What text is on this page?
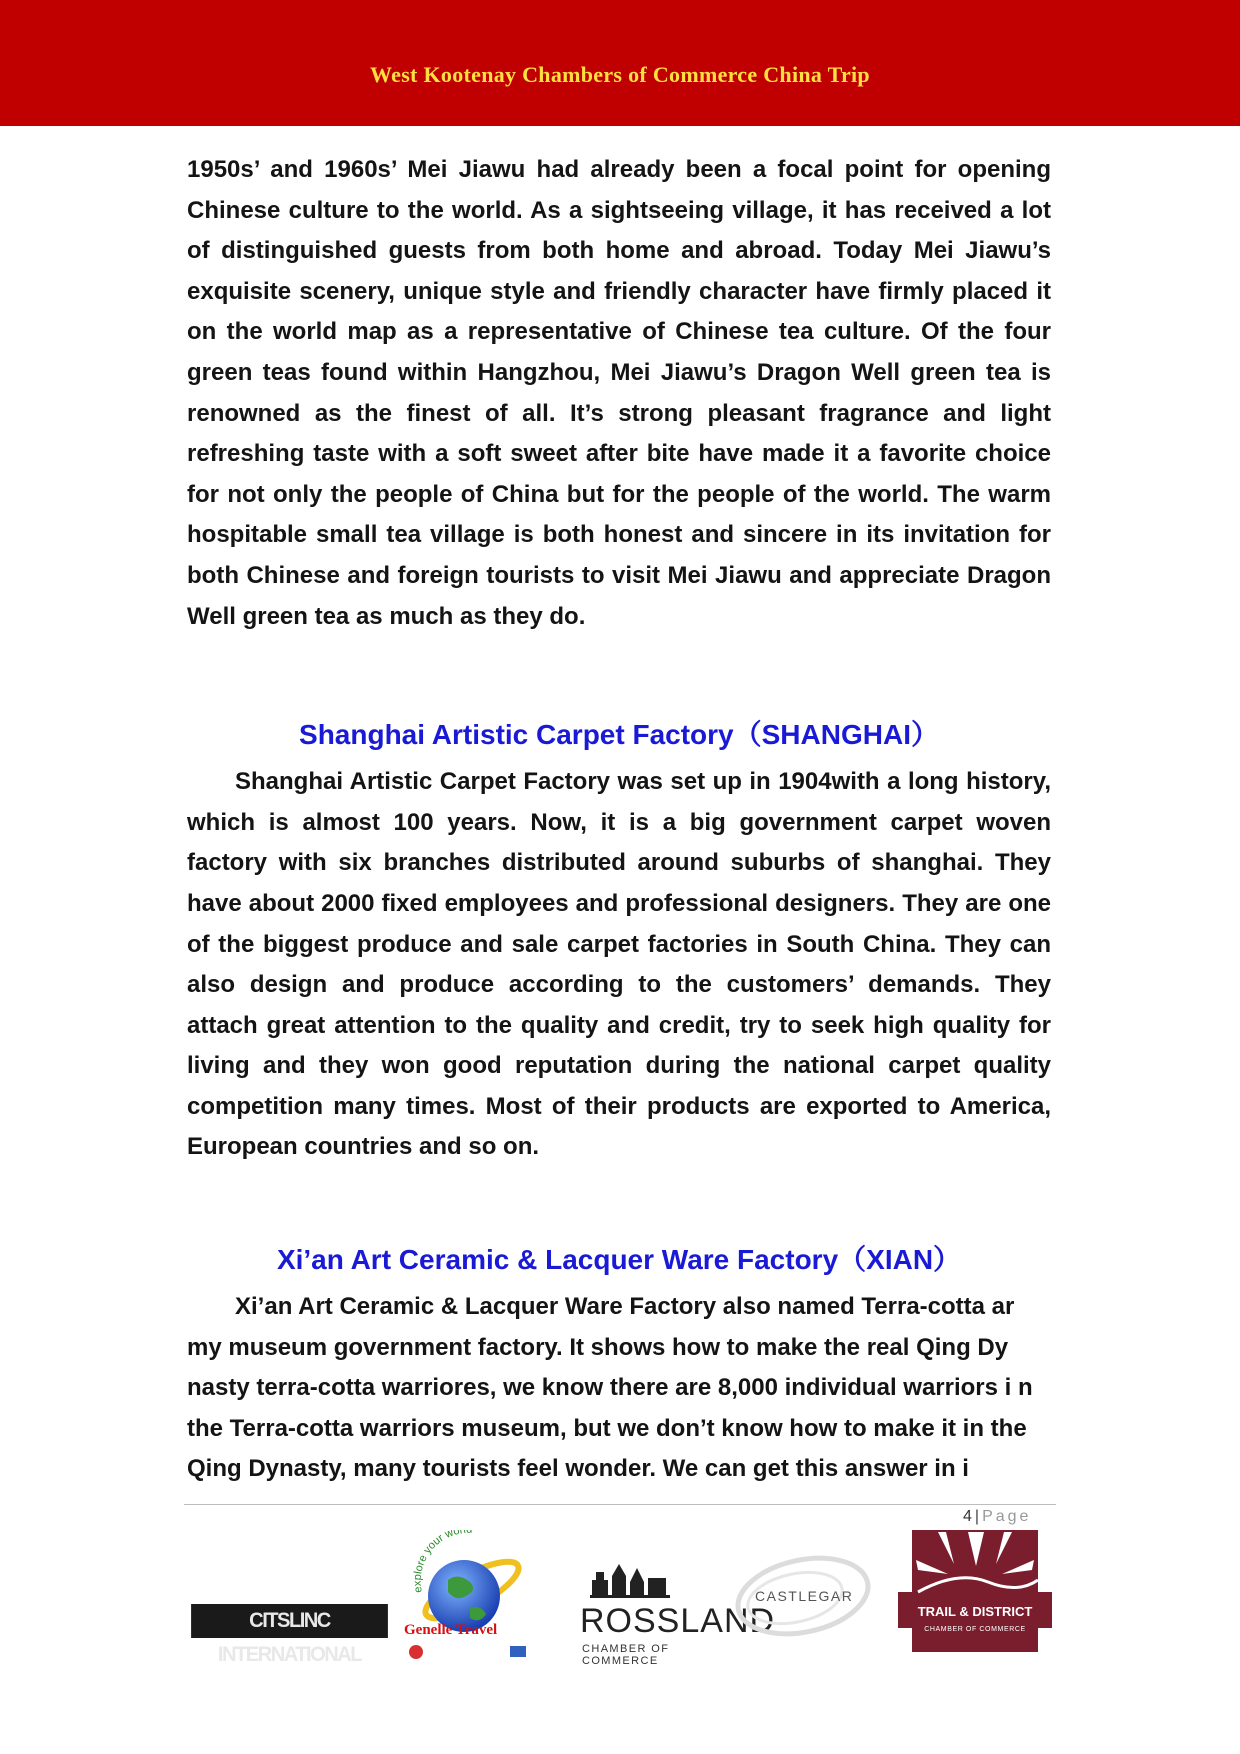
West Kootenay Chambers of Commerce China Trip

1950s’ and 1960s’ Mei Jiawu had already been a focal point for opening Chinese culture to the world. As a sightseeing village, it has received a lot of distinguished guests from both home and abroad. Today Mei Jiawu’s exquisite scenery, unique style and friendly character have firmly placed it on the world map as a representative of Chinese tea culture. Of the four green teas found within Hangzhou, Mei Jiawu’s Dragon Well green tea is renowned as the finest of all. It’s strong pleasant fragrance and light refreshing taste with a soft sweet after bite have made it a favorite choice for not only the people of China but for the people of the world. The warm hospitable small tea village is both honest and sincere in its invitation for both Chinese and foreign tourists to visit Mei Jiawu and appreciate Dragon Well green tea as much as they do.

Shanghai Artistic Carpet Factory（SHANGHAI）

Shanghai Artistic Carpet Factory was set up in 1904with a long history, which is almost 100 years. Now, it is a big government carpet woven factory with six branches distributed around suburbs of shanghai. They have about 2000 fixed employees and professional designers. They are one of the biggest produce and sale carpet factories in South China. They can also design and produce according to the customers’ demands. They attach great attention to the quality and credit, try to seek high quality for living and they won good reputation during the national carpet quality competition many times. Most of their products are exported to America, European countries and so on.

Xi’an Art Ceramic & Lacquer Ware Factory（XIAN）

Xi’an Art Ceramic & Lacquer Ware Factory also named Terra-cotta ar my museum government factory. It shows how to make the real Qing Dy nasty terra-cotta warriores, we know there are 8,000 individual warriors i n the Terra-cotta warriors museum, but we don’t know how to make it in the Qing Dynasty, many tourists feel wonder. We can get this answer in i

4 | Page
CITSLINC INTERNATIONAL
explore your wor
Genelle Travel ROSSLAND
CHAMBER OF COMMERCE
CASTLEGAR
TRAIL & DISTRICT
CHAMBER OF COMMERCE
